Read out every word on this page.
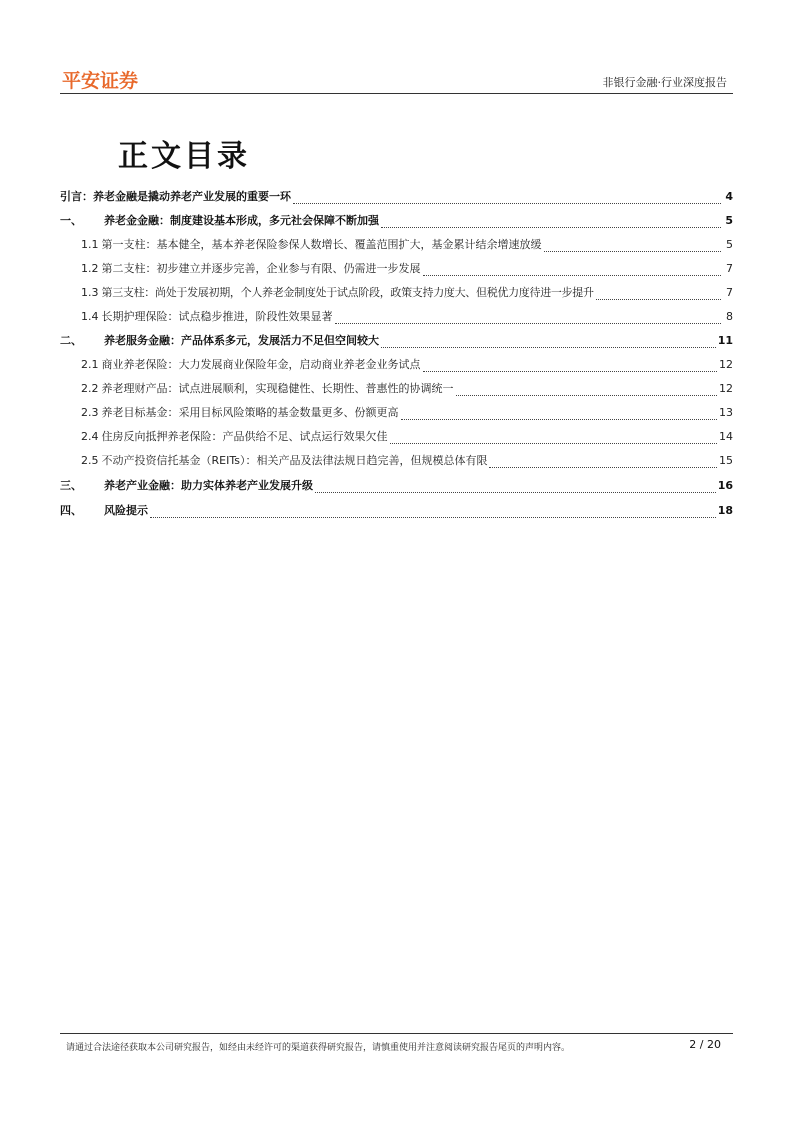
平安证券	非银行金融·行业深度报告
正文目录
引言： 养老金融是撬动养老产业发展的重要一环	4
一、	养老金金融：制度建设基本形成，多元社会保障不断加强	5
1.1 第一支柱：基本健全，基本养老保险参保人数增长、覆盖范围扩大，基金累计结余增速放缓	5
1.2 第二支柱：初步建立并逐步完善，企业参与有限、仍需进一步发展	7
1.3 第三支柱：尚处于发展初期，个人养老金制度处于试点阶段，政策支持力度大、但税优力度待进一步提升	7
1.4 长期护理保险：试点稳步推进，阶段性效果显著	8
二、	养老服务金融：产品体系多元，发展活力不足但空间较大	11
2.1 商业养老保险：大力发展商业保险年金，启动商业养老金业务试点	12
2.2 养老理财产品：试点进展顺利，实现稳健性、长期性、普惠性的协调统一	12
2.3 养老目标基金：采用目标风险策略的基金数量更多、份额更高	13
2.4 住房反向抵押养老保险：产品供给不足、试点运行效果欠佳	14
2.5 不动产投资信托基金（REITs）：相关产品及法律法规日趋完善，但规模总体有限	15
三、	养老产业金融：助力实体养老产业发展升级	16
四、	风险提示	18
请通过合法途径获取本公司研究报告，如经由未经许可的渠道获得研究报告，请慎重使用并注意阅读研究报告尾页的声明内容。	2 / 20
